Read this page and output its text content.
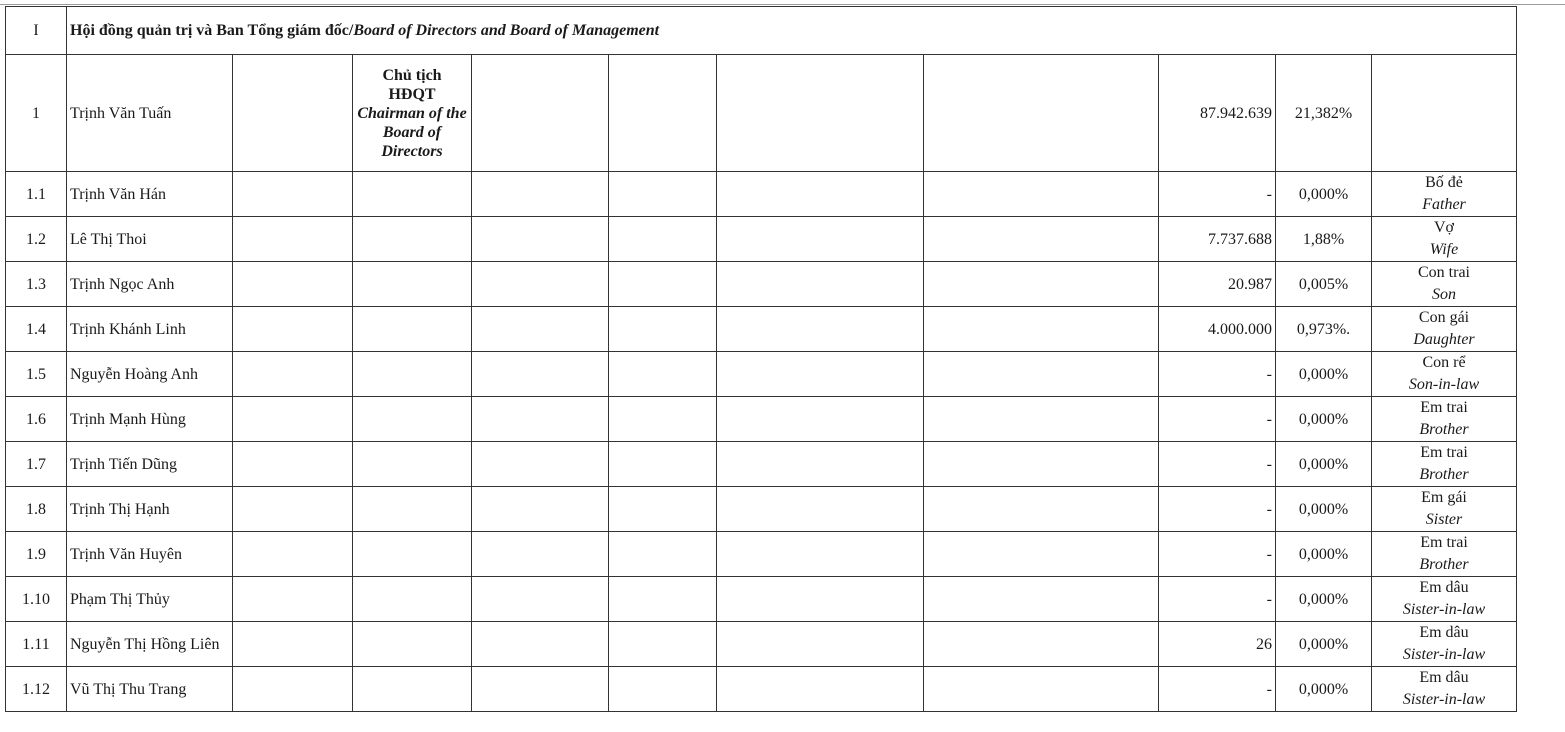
I	Hội đồng quản trị và Ban Tổng giám đốc/Board of Directors and Board of Management									
1	Trịnh Văn Tuấn		Chủ tịch
HĐQT
Chairman of the Board of Directors					87.942.639	21,382%	
1.1	Trịnh Văn Hán							-	0,000%	Bố đẻ
Father

1.2	Lê Thị Thoi							7.737.688	1,88%	Vợ
Wife

1.3	Trịnh Ngọc Anh							20.987	0,005%	Con trai
Son

1.4	Trịnh Khánh Linh							4.000.000	0,973%.	Con gái
Daughter

1.5	Nguyễn Hoàng Anh							-	0,000%	Con rể
Son-in-law

1.6	Trịnh Mạnh Hùng							-	0,000%	Em trai
Brother

1.7	Trịnh Tiến Dũng							-	0,000%	Em trai
Brother

1.8	Trịnh Thị Hạnh							-	0,000%	Em gái
Sister

1.9	Trịnh Văn Huyên							-	0,000%	Em trai
Brother

1.10	Phạm Thị Thủy							-	0,000%	Em dâu
Sister-in-law

1.11	Nguyễn Thị Hồng Liên							26	0,000%	Em dâu
Sister-in-law

1.12	Vũ Thị Thu Trang							-	0,000%	Em dâu
Sister-in-law
